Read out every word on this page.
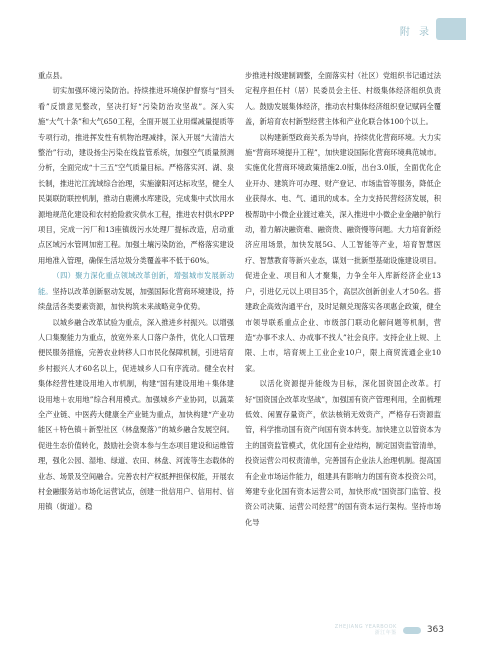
附 录

重点县。

切实加强环境污染防治。持续推进环境保护督察与“回头看”反馈意见整改，坚决打好“污染防治攻坚战”。深入实施“大气十条”和大气650工程，全面开展工业用煤减量提质等专项行动，推进挥发性有机物治理减排，深入开展“大清洁大整治”行动，建设扬尘污染在线监管系统，加强空气质量预测分析，全面完成“十三五”空气质量目标。严格落实河、湖、泉长制，推进沱江流域综合治理，实施濠阳河达标攻坚，健全人民渠联防联控机制，推动白鹿溯水库建设，完成集中式饮用水源地规范化建设和农村抢险救灾供水工程，推进农村供水PPP项目，完成一污厂和13座镇级污水处理厂提标改造，启动重点区域污水管网加密工程。加强土壤污染防治，严格落实建设用地准入管理，确保生活垃圾分类覆盖率不低于60%。

（四）聚力深化重点领域改革创新，增强城市发展新动能。坚持以改革创新驱动发展，加强国际化营商环境建设，持续盘活各类要素资源，加快构筑未来战略竞争优势。

以城乡融合改革试验为重点，深入推进乡村振兴。以增强人口集聚能力为重点，放宽外来人口落户条件，优化人口管理便民服务措施，完善农业转移人口市民化保障机制，引进培育乡村振兴人才60名以上，促进城乡人口有序流动。健全农村集体经营性建设用地入市机制，构建“国有建设用地＋集体建设用地＋农用地”综合利用模式。加强城乡产业协同，以蔬菜全产业链、中医药大健康全产业链为重点，加快构建“产业功能区＋特色镇＋新型社区（林盘聚落）”的城乡融合发展空间。促进生态价值转化，鼓励社会资本参与生态项目建设和运维管理，强化公园、湿地、绿道、农田、林盘、河流等生态载体的业态、场景及空间融合。完善农村产权抵押担保权能，开展农村金融服务站市场化运营试点，创建一批信用户、信用村、信用镇（街道）。稳

步推进村级建制调整，全面落实村（社区）党组织书记通过法定程序担任村（居）民委员会主任、村级集体经济组织负责人。鼓励发展集体经济，推动农村集体经济组织登记赋码全覆盖，新培育农村新型经营主体和产业化联合体100个以上。

以构建新型政商关系为导向，持续优化营商环境。大力实施“营商环境提升工程”，加快建设国际化营商环境典范城市。实施优化营商环境政策措施2.0版，出台3.0版，全面优化企业开办、建筑许可办理、财产登记、市场监管等服务，降低企业获得水、电、气、通讯的成本。全力支持民营经济发展，积极帮助中小微企业渡过难关，深入推进中小微企业金融护航行动，着力解决融资难、融资贵、融资慢等问题。大力培育新经济应用场景，加快发展5G、人工智能等产业，培育智慧医疗、智慧教育等新兴业态，谋划一批新型基础设施建设项目。促进企业、项目和人才聚集，力争全年入库新经济企业13户，引进亿元以上项目35个，高层次创新创业人才50名。搭建政企高效沟通平台，及时足额兑现落实各项惠企政策，健全市领导联系重点企业、市级部门联动化解问题等机制，营造“办事不求人、办成事不找人”社会良序。支持企业上规、上限、上市，培育规上工业企业10户，限上商贸流通企业10家。

以活化资源提升能级为目标，深化国资国企改革。打好“国资国企改革攻坚战”，加强国有资产管理利用，全面梳理低效、闲置存量资产，依法核销无效资产，严格存石资源监管，科学推动国有资产向国有资本转变。加快建立以管资本为主的国资监管模式，优化国有企业结构，制定国资监管清单，投资运营公司权责清单，完善国有企业法人治理机制。提高国有企业市场运作能力，组建具有影响力的国有资本投资公司，筹建专业化国有资本运营公司，加快形成“国资部门监管、投资公司决策、运营公司经营”的国有资本运行架构。坚持市场化导

ZHEJIANG YEARBOOK
浙江年鉴	363
